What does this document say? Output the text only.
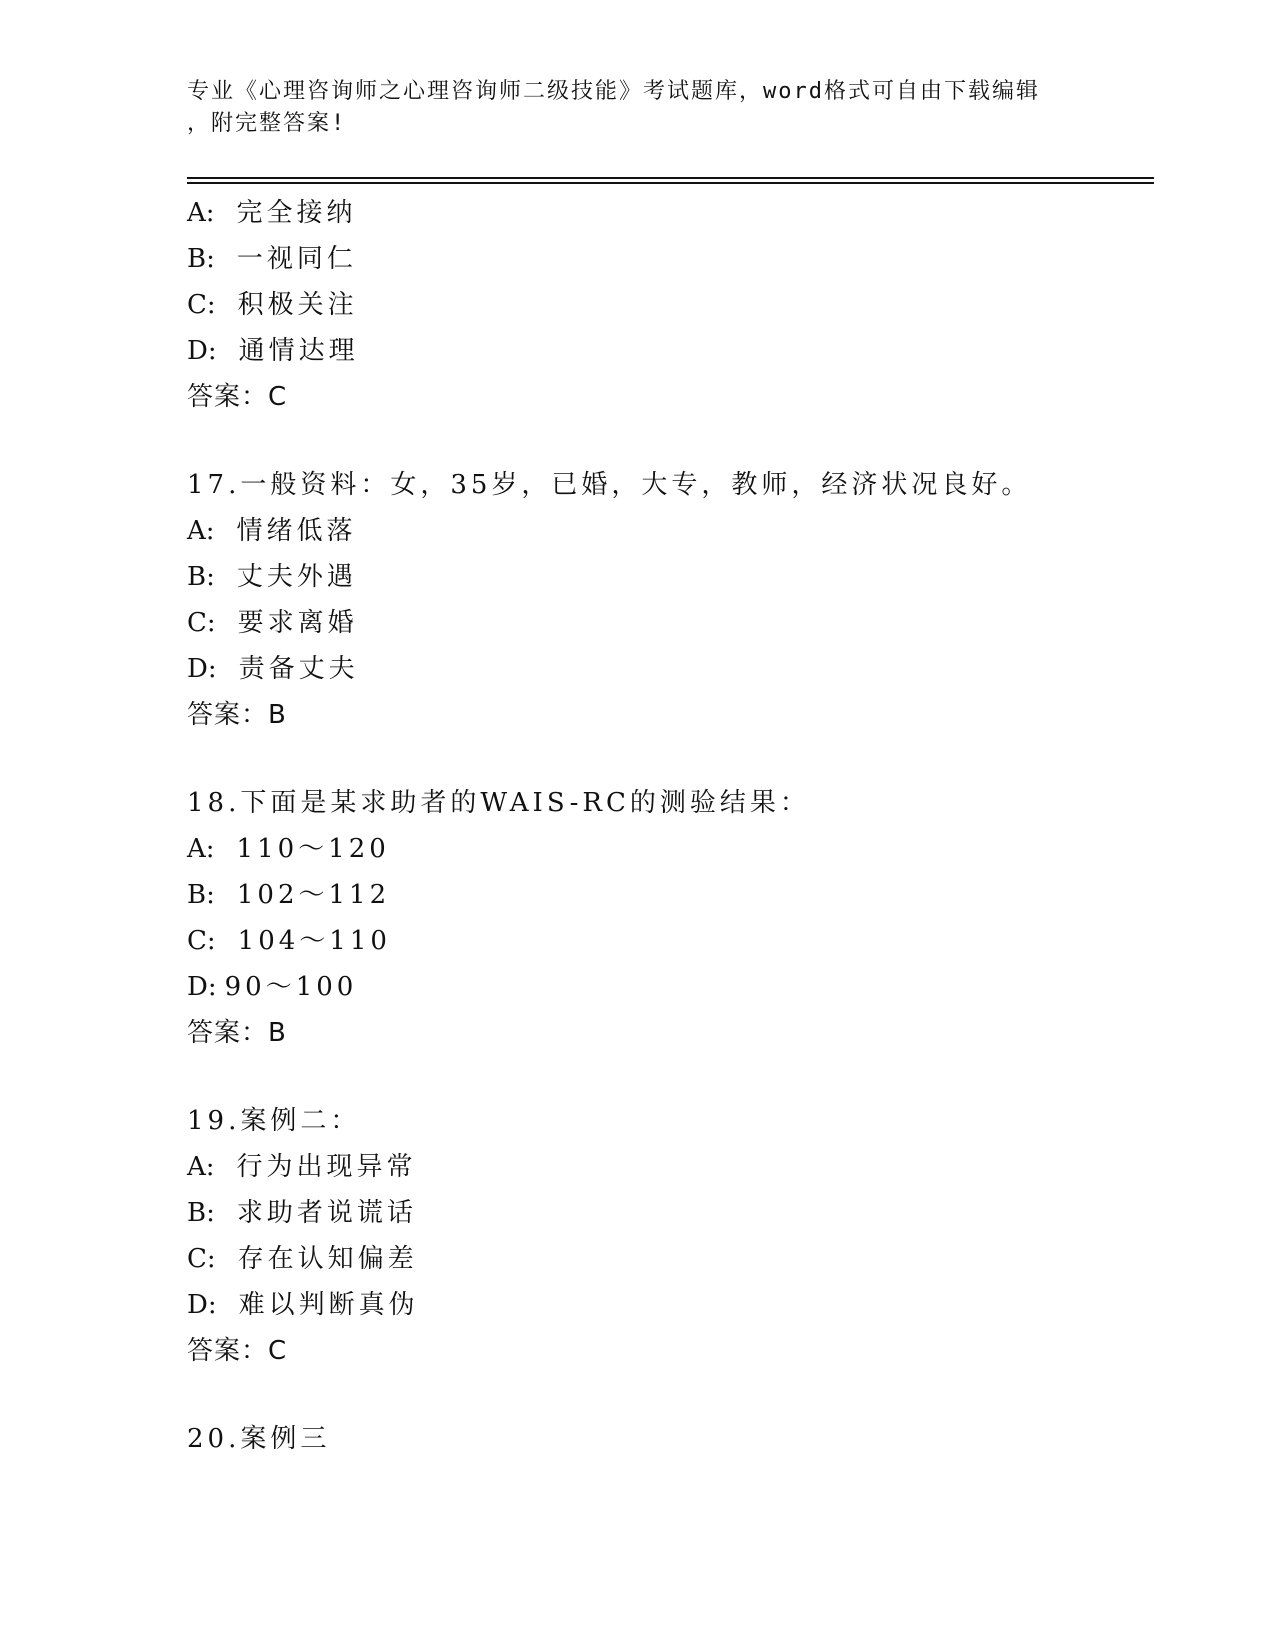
专业《心理咨询师之心理咨询师二级技能》考试题库，word格式可自由下载编辑
，附完整答案!
A: 完全接纳
B: 一视同仁
C: 积极关注
D: 通情达理
答案：C
17.一般资料：女，35岁，已婚，大专，教师，经济状况良好。
A: 情绪低落
B: 丈夫外遇
C: 要求离婚
D: 责备丈夫
答案：B
18.下面是某求助者的WAIS-RC的测验结果：
A: 110～120
B: 102～112
C: 104～110
D: 90～100
答案：B
19.案例二：
A: 行为出现异常
B: 求助者说谎话
C: 存在认知偏差
D: 难以判断真伪
答案：C
20.案例三
